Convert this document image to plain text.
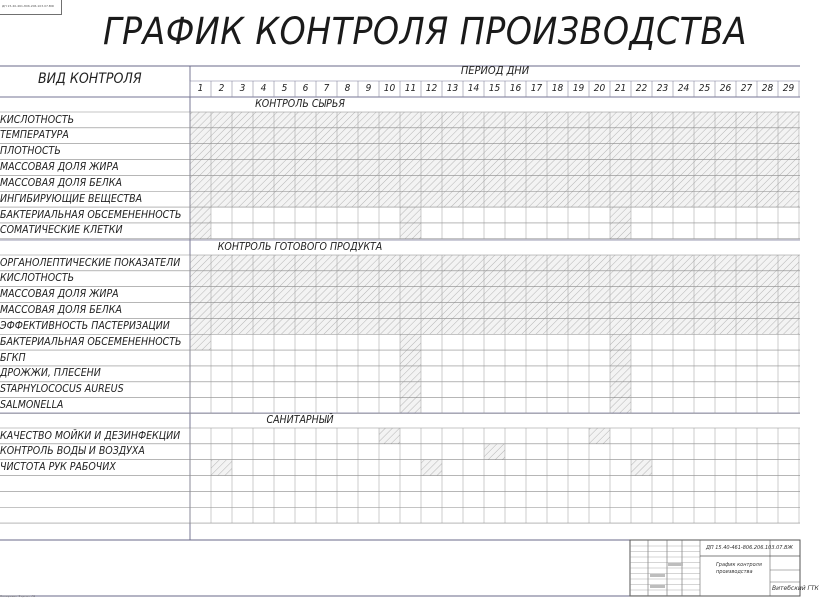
ДП 15.40-461-806.206.103.07.ВЖ
ГРАФИК КОНТРОЛЯ ПРОИЗВОДСТВА
ВИД КОНТРОЛЯ
ПЕРИОД ДНИ
1	2	3	4	5	6	7	8	9	10 11 12 13 14 15 16 17 18 19 20 21 22 23 24 25 26 27 28 29
КОНТРОЛЬ СЫРЬЯ
КИСЛОТНОСТЬ
ТЕМПЕРАТУРА
ПЛОТНОСТЬ
МАССОВАЯ ДОЛЯ ЖИРА
МАССОВАЯ ДОЛЯ БЕЛКА
ИНГИБИРУЮЩИЕ ВЕЩЕСТВА
БАКТЕРИАЛЬНАЯ ОБСЕМЕНЕННОСТЬ
СОМАТИЧЕСКИЕ КЛЕТКИ
КОНТРОЛЬ ГОТОВОГО ПРОДУКТА
ОРГАНОЛЕПТИЧЕСКИЕ ПОКАЗАТЕЛИ
КИСЛОТНОСТЬ
МАССОВАЯ ДОЛЯ ЖИРА
МАССОВАЯ ДОЛЯ БЕЛКА
ЭФФЕКТИВНОСТЬ ПАСТЕРИЗАЦИИ
БАКТЕРИАЛЬНАЯ ОБСЕМЕНЕННОСТЬ
БГКП
ДРОЖЖИ, ПЛЕСЕНИ
STAPHYLOCOCUS AUREUS
SALMONELLA
САНИТАРНЫЙ
КАЧЕСТВО МОЙКИ И ДЕЗИНФЕКЦИИ
КОНТРОЛЬ ВОДЫ И ВОЗДУХА
ЧИСТОТА РУК РАБОЧИХ
ДП 15.40-461-806.206.103.07.ВЖ
График контроля
производства
Витебский ГТК
Копировал Формат А1
